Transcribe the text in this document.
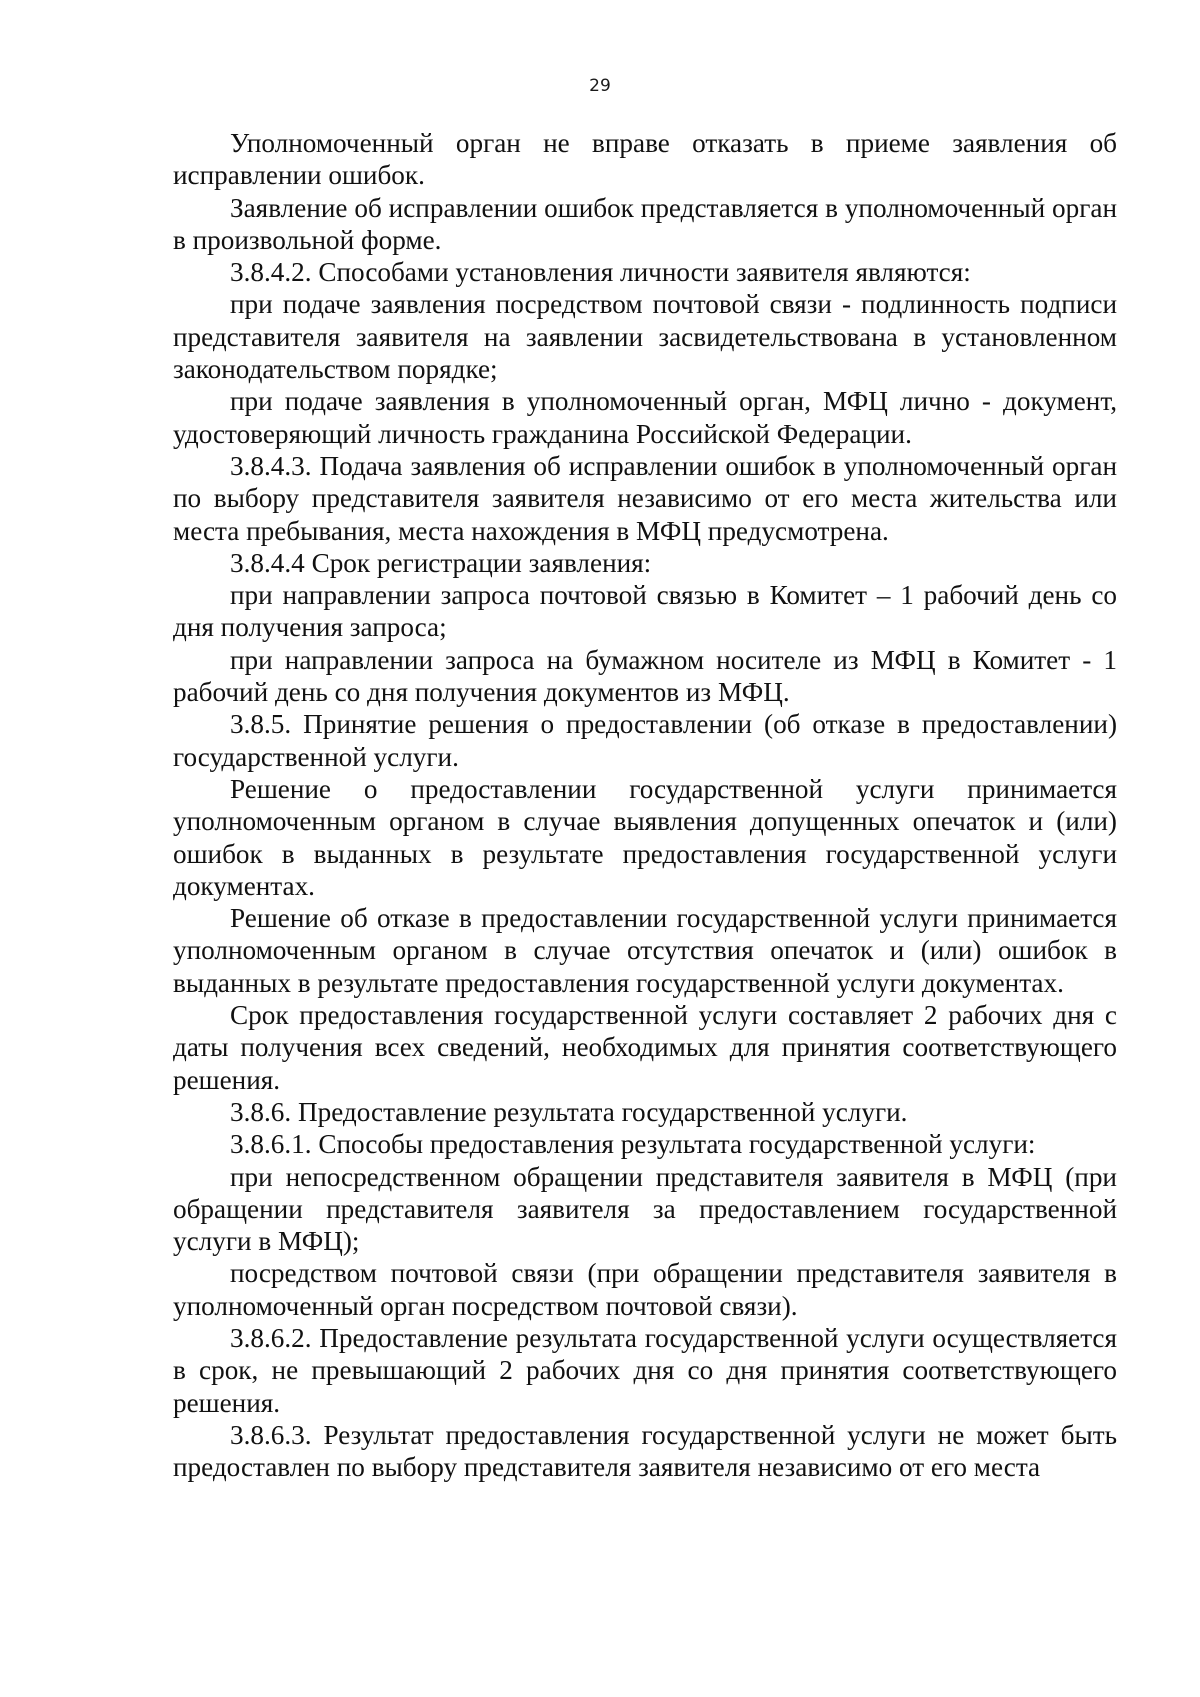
29

Уполномоченный орган не вправе отказать в приеме заявления об исправлении ошибок.

Заявление об исправлении ошибок представляется в уполномоченный орган в произвольной форме.

3.8.4.2. Способами установления личности заявителя являются:

при подаче заявления посредством почтовой связи - подлинность подписи представителя заявителя на заявлении засвидетельствована в установленном законодательством порядке;

при подаче заявления в уполномоченный орган, МФЦ лично - документ, удостоверяющий личность гражданина Российской Федерации.

3.8.4.3. Подача заявления об исправлении ошибок в уполномоченный орган по выбору представителя заявителя независимо от его места жительства или места пребывания, места нахождения в МФЦ предусмотрена.

3.8.4.4 Срок регистрации заявления:

при направлении запроса почтовой связью в Комитет – 1 рабочий день со дня получения запроса;

при направлении запроса на бумажном носителе из МФЦ в Комитет - 1 рабочий день со дня получения документов из МФЦ.

3.8.5. Принятие решения о предоставлении (об отказе в предоставлении) государственной услуги.

Решение о предоставлении государственной услуги принимается уполномоченным органом в случае выявления допущенных опечаток и (или) ошибок в выданных в результате предоставления государственной услуги документах.

Решение об отказе в предоставлении государственной услуги принимается уполномоченным органом в случае отсутствия опечаток и (или) ошибок в выданных в результате предоставления государственной услуги документах.

Срок предоставления государственной услуги составляет 2 рабочих дня с даты получения всех сведений, необходимых для принятия соответствующего решения.

3.8.6. Предоставление результата государственной услуги.

3.8.6.1. Способы предоставления результата государственной услуги:

при непосредственном обращении представителя заявителя в МФЦ (при обращении представителя заявителя за предоставлением государственной услуги в МФЦ);

посредством почтовой связи (при обращении представителя заявителя в уполномоченный орган посредством почтовой связи).

3.8.6.2. Предоставление результата государственной услуги осуществляется в срок, не превышающий 2 рабочих дня со дня принятия соответствующего решения.

3.8.6.3. Результат предоставления государственной услуги не может быть предоставлен по выбору представителя заявителя независимо от его места
